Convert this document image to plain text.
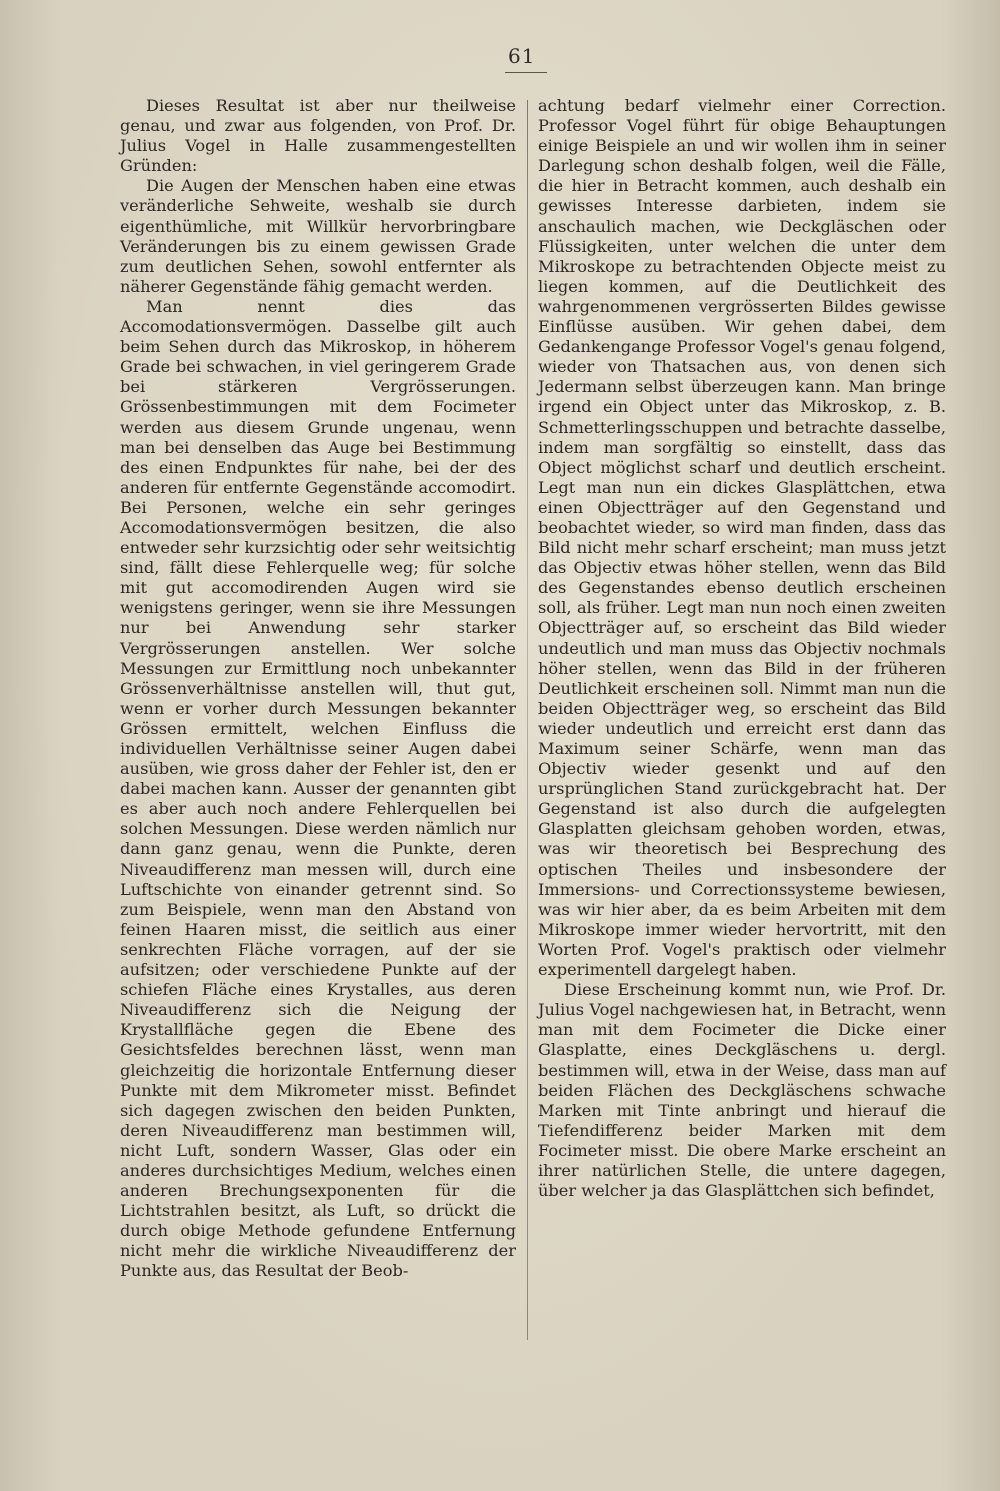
61

Dieses Resultat ist aber nur theilweise genau, und zwar aus folgenden, von Prof. Dr. Julius Vogel in Halle zusammengestellten Gründen:

Die Augen der Menschen haben eine etwas veränderliche Sehweite, weshalb sie durch eigenthümliche, mit Willkür hervorbringbare Veränderungen bis zu einem gewissen Grade zum deutlichen Sehen, sowohl entfernter als näherer Gegenstände fähig gemacht werden.

Man nennt dies das Accomodationsvermögen. Dasselbe gilt auch beim Sehen durch das Mikroskop, in höherem Grade bei schwachen, in viel geringerem Grade bei stärkeren Vergrösserungen. Grössenbestimmungen mit dem Focimeter werden aus diesem Grunde ungenau, wenn man bei denselben das Auge bei Bestimmung des einen Endpunktes für nahe, bei der des anderen für entfernte Gegenstände accomodirt. Bei Personen, welche ein sehr geringes Accomodationsvermögen besitzen, die also entweder sehr kurzsichtig oder sehr weitsichtig sind, fällt diese Fehlerquelle weg; für solche mit gut accomodirenden Augen wird sie wenigstens geringer, wenn sie ihre Messungen nur bei Anwendung sehr starker Vergrösserungen anstellen. Wer solche Messungen zur Ermittlung noch unbekannter Grössenverhältnisse anstellen will, thut gut, wenn er vorher durch Messungen bekannter Grössen ermittelt, welchen Einfluss die individuellen Verhältnisse seiner Augen dabei ausüben, wie gross daher der Fehler ist, den er dabei machen kann. Ausser der genannten gibt es aber auch noch andere Fehlerquellen bei solchen Messungen. Diese werden nämlich nur dann ganz genau, wenn die Punkte, deren Niveaudifferenz man messen will, durch eine Luftschichte von einander getrennt sind. So zum Beispiele, wenn man den Abstand von feinen Haaren misst, die seitlich aus einer senkrechten Fläche vorragen, auf der sie aufsitzen; oder verschiedene Punkte auf der schiefen Fläche eines Krystalles, aus deren Niveaudifferenz sich die Neigung der Krystallfläche gegen die Ebene des Gesichtsfeldes berechnen lässt, wenn man gleichzeitig die horizontale Entfernung dieser Punkte mit dem Mikrometer misst. Befindet sich dagegen zwischen den beiden Punkten, deren Niveaudifferenz man bestimmen will, nicht Luft, sondern Wasser, Glas oder ein anderes durchsichtiges Medium, welches einen anderen Brechungsexponenten für die Lichtstrahlen besitzt, als Luft, so drückt die durch obige Methode gefundene Entfernung nicht mehr die wirkliche Niveaudifferenz der Punkte aus, das Resultat der Beob-

achtung bedarf vielmehr einer Correction. Professor Vogel führt für obige Behauptungen einige Beispiele an und wir wollen ihm in seiner Darlegung schon deshalb folgen, weil die Fälle, die hier in Betracht kommen, auch deshalb ein gewisses Interesse darbieten, indem sie anschaulich machen, wie Deckgläschen oder Flüssigkeiten, unter welchen die unter dem Mikroskope zu betrachtenden Objecte meist zu liegen kommen, auf die Deutlichkeit des wahrgenommenen vergrösserten Bildes gewisse Einflüsse ausüben. Wir gehen dabei, dem Gedankengange Professor Vogel's genau folgend, wieder von Thatsachen aus, von denen sich Jedermann selbst überzeugen kann. Man bringe irgend ein Object unter das Mikroskop, z. B. Schmetterlingsschuppen und betrachte dasselbe, indem man sorgfältig so einstellt, dass das Object möglichst scharf und deutlich erscheint. Legt man nun ein dickes Glasplättchen, etwa einen Objectträger auf den Gegenstand und beobachtet wieder, so wird man finden, dass das Bild nicht mehr scharf erscheint; man muss jetzt das Objectiv etwas höher stellen, wenn das Bild des Gegenstandes ebenso deutlich erscheinen soll, als früher. Legt man nun noch einen zweiten Objectträger auf, so erscheint das Bild wieder undeutlich und man muss das Objectiv nochmals höher stellen, wenn das Bild in der früheren Deutlichkeit erscheinen soll. Nimmt man nun die beiden Objectträger weg, so erscheint das Bild wieder undeutlich und erreicht erst dann das Maximum seiner Schärfe, wenn man das Objectiv wieder gesenkt und auf den ursprünglichen Stand zurückgebracht hat. Der Gegenstand ist also durch die aufgelegten Glasplatten gleichsam gehoben worden, etwas, was wir theoretisch bei Besprechung des optischen Theiles und insbesondere der Immersions- und Correctionssysteme bewiesen, was wir hier aber, da es beim Arbeiten mit dem Mikroskope immer wieder hervortritt, mit den Worten Prof. Vogel's praktisch oder vielmehr experimentell dargelegt haben.

Diese Erscheinung kommt nun, wie Prof. Dr. Julius Vogel nachgewiesen hat, in Betracht, wenn man mit dem Focimeter die Dicke einer Glasplatte, eines Deckgläschens u. dergl. bestimmen will, etwa in der Weise, dass man auf beiden Flächen des Deckgläschens schwache Marken mit Tinte anbringt und hierauf die Tiefendifferenz beider Marken mit dem Focimeter misst. Die obere Marke erscheint an ihrer natürlichen Stelle, die untere dagegen, über welcher ja das Glasplättchen sich befindet,
